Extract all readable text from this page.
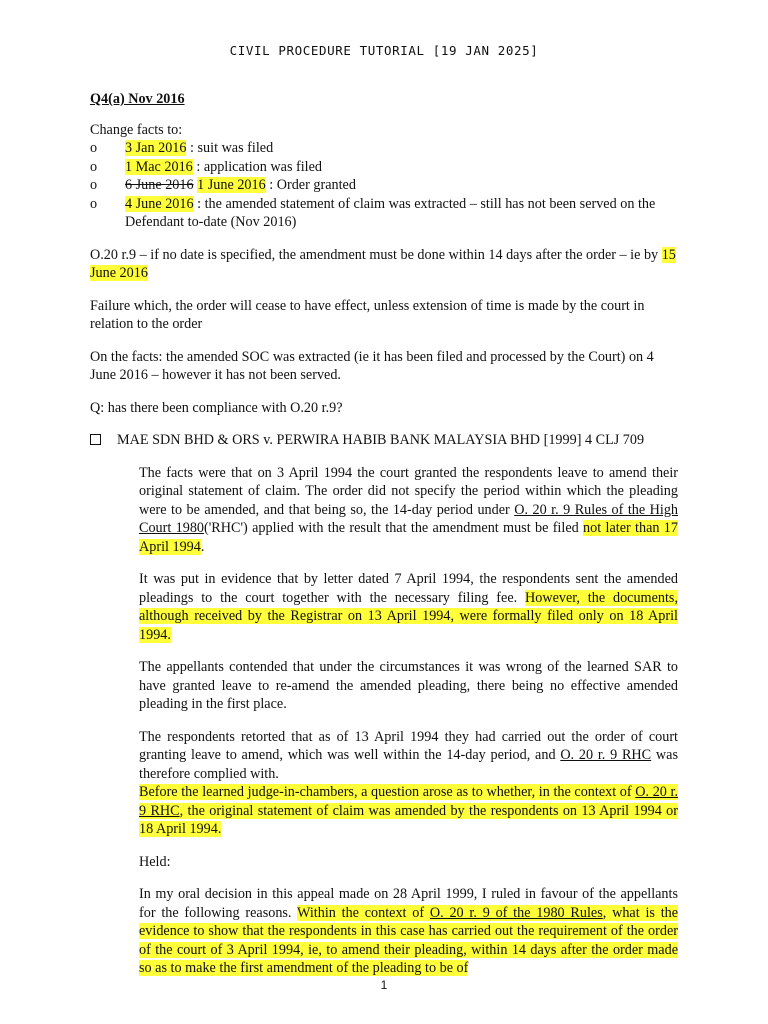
CIVIL PROCEDURE TUTORIAL [19 JAN 2025]

Q4(a) Nov 2016

Change facts to:

o 3 Jan 2016 : suit was filed
o 1 Mac 2016 : application was filed
o 6 June 2016 1 June 2016 : Order granted
o 4 June 2016 : the amended statement of claim was extracted – still has not been served on the Defendant to-date (Nov 2016)

O.20 r.9 – if no date is specified, the amendment must be done within 14 days after the order – ie by 15 June 2016

Failure which, the order will cease to have effect, unless extension of time is made by the court in relation to the order

On the facts: the amended SOC was extracted (ie it has been filed and processed by the Court) on 4 June 2016 – however it has not been served.

Q: has there been compliance with O.20 r.9?

MAE SDN BHD & ORS v. PERWIRA HABIB BANK MALAYSIA BHD [1999] 4 CLJ 709

The facts were that on 3 April 1994 the court granted the respondents leave to amend their original statement of claim. The order did not specify the period within which the pleading were to be amended, and that being so, the 14-day period under O. 20 r. 9 Rules of the High Court 1980('RHC') applied with the result that the amendment must be filed not later than 17 April 1994.

It was put in evidence that by letter dated 7 April 1994, the respondents sent the amended pleadings to the court together with the necessary filing fee. However, the documents, although received by the Registrar on 13 April 1994, were formally filed only on 18 April 1994.

The appellants contended that under the circumstances it was wrong of the learned SAR to have granted leave to re-amend the amended pleading, there being no effective amended pleading in the first place.

The respondents retorted that as of 13 April 1994 they had carried out the order of court granting leave to amend, which was well within the 14-day period, and O. 20 r. 9 RHC was therefore complied with.
Before the learned judge-in-chambers, a question arose as to whether, in the context of O. 20 r. 9 RHC, the original statement of claim was amended by the respondents on 13 April 1994 or 18 April 1994.

Held:

In my oral decision in this appeal made on 28 April 1999, I ruled in favour of the appellants for the following reasons. Within the context of O. 20 r. 9 of the 1980 Rules, what is the evidence to show that the respondents in this case has carried out the requirement of the order of the court of 3 April 1994, ie, to amend their pleading, within 14 days after the order made so as to make the first amendment of the pleading to be of

1
